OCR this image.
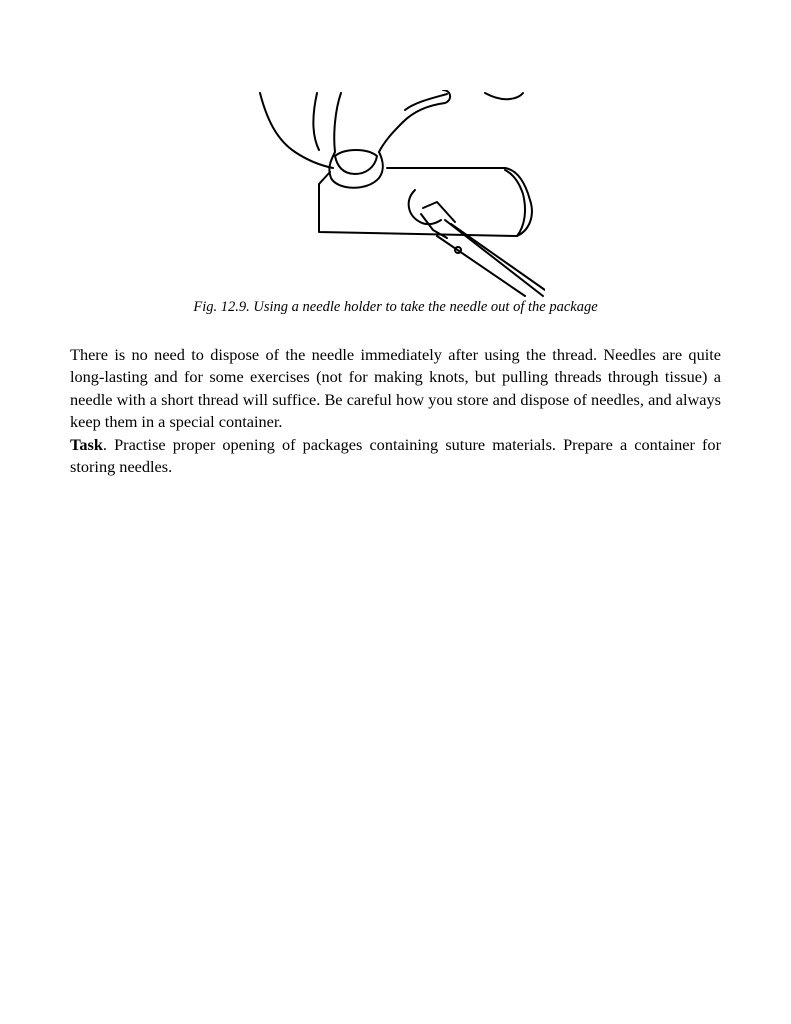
Fig. 12.9. Using a needle holder to take the needle out of the package

There is no need to dispose of the needle immediately after using the thread. Needles are quite long-lasting and for some exercises (not for making knots, but pulling threads through tissue) a needle with a short thread will suffice. Be careful how you store and dispose of needles, and always keep them in a special container.

Task. Practise proper opening of packages containing suture materials. Prepare a container for storing needles.
